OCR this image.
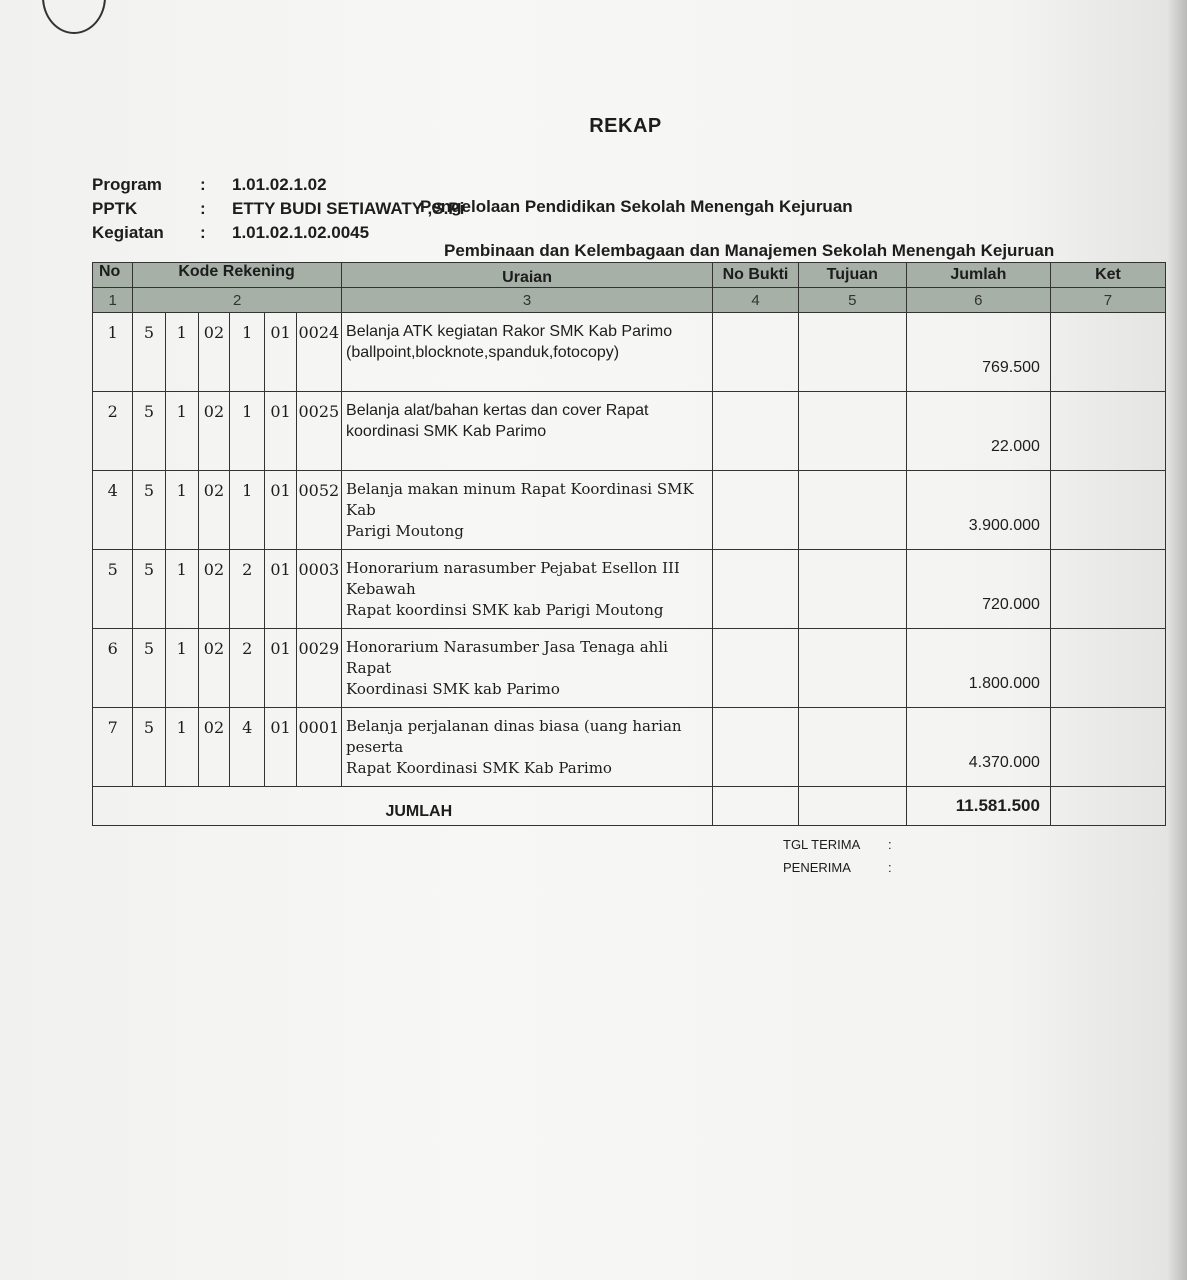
REKAP
Program : 1.01.02.1.02
Pengelolaan Pendidikan Sekolah Menengah Kejuruan
PPTK	: ETTY BUDI SETIAWATY ,S.Pi
Kegiatan : 1.01.02.1.02.0045
Pembinaan dan Kelembagaan dan Manajemen Sekolah Menengah Kejuruan
No	Kode Rekening						Uraian	No Bukti	Tujuan	Jumlah	Ket
1	2						3	4	5	6	7
1	5	1	02	1	01	0024	Belanja ATK kegiatan Rakor SMK Kab Parimo
(ballpoint,blocknote,spanduk,fotocopy)			769.500	
2	5	1	02	1	01	0025	Belanja alat/bahan kertas dan cover Rapat
koordinasi SMK Kab Parimo			22.000	
4	5	1	02	1	01	0052	Belanja makan minum Rapat Koordinasi SMK Kab
Parigi Moutong			3.900.000	
5	5	1	02	2	01	0003	Honorarium narasumber Pejabat Esellon III Kebawah
Rapat koordinsi SMK kab Parigi Moutong			720.000	
6	5	1	02	2	01	0029	Honorarium Narasumber Jasa Tenaga ahli Rapat
Koordinasi SMK kab Parimo			1.800.000	
7	5	1	02	4	01	0001	Belanja perjalanan dinas biasa (uang harian peserta
Rapat Koordinasi SMK Kab Parimo			4.370.000	
JUMLAH										11.581.500	
TGL TERIMA :
PENERIMA	:
